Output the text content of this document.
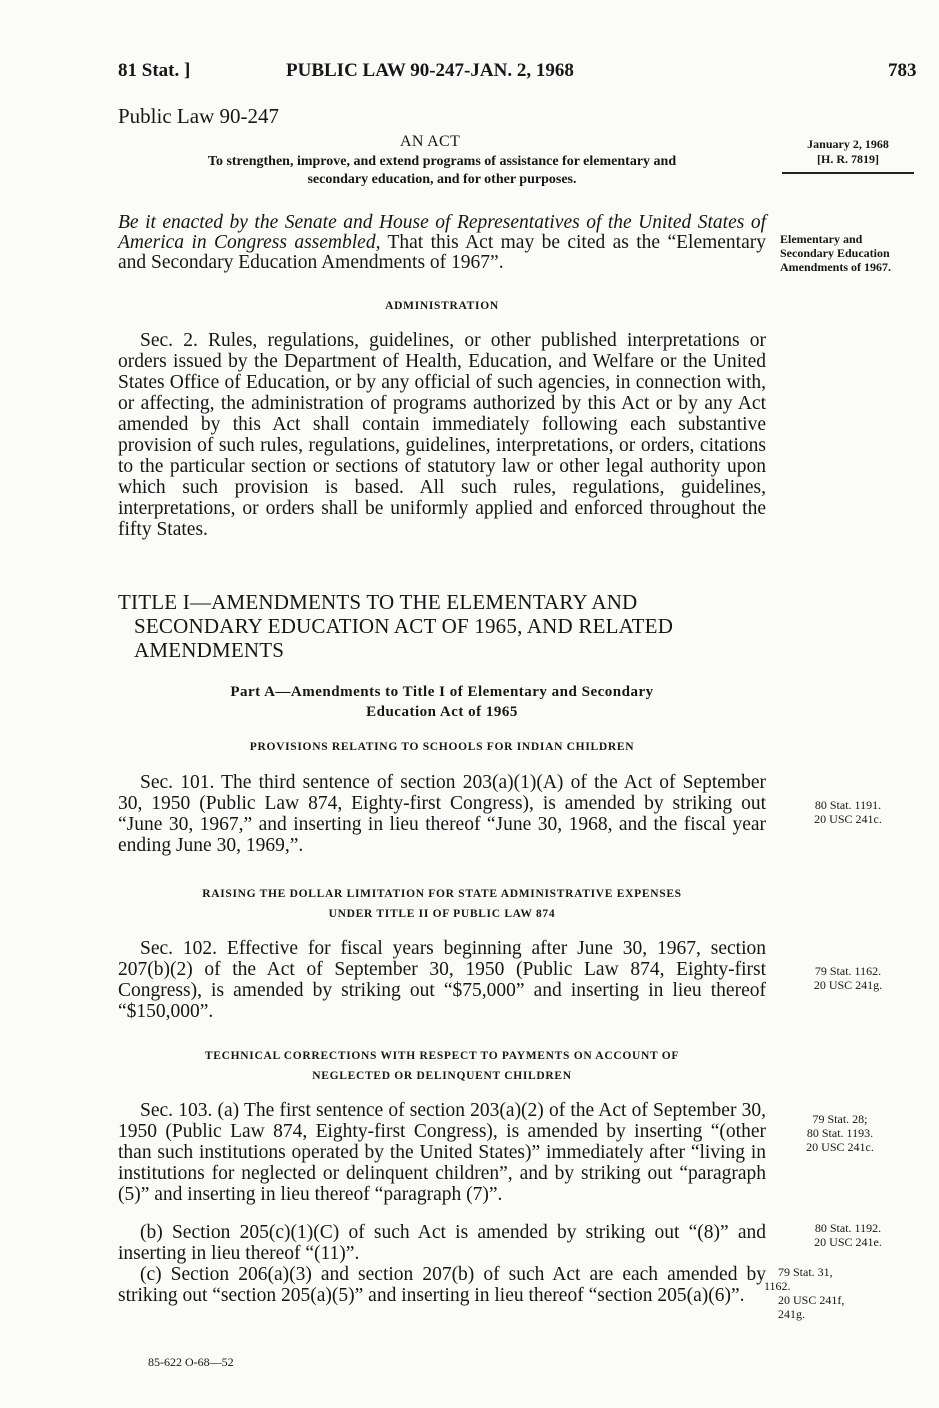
81 Stat. ]	PUBLIC LAW 90-247-JAN. 2, 1968	783
Public Law 90-247
AN ACT
To strengthen, improve, and extend programs of assistance for elementary and
secondary education, and for other purposes.
January 2, 1968
[H. R. 7819]
Be it enacted by the Senate and House of Representatives of the United States of America in Congress assembled, That this Act may be cited as the “Elementary and Secondary Education Amendments of 1967”.
Elementary and Secondary Education Amendments of 1967.
ADMINISTRATION

Sec. 2. Rules, regulations, guidelines, or other published interpretations or orders issued by the Department of Health, Education, and Welfare or the United States Office of Education, or by any official of such agencies, in connection with, or affecting, the administration of programs authorized by this Act or by any Act amended by this Act shall contain immediately following each substantive provision of such rules, regulations, guidelines, interpretations, or orders, citations to the particular section or sections of statutory law or other legal authority upon which such provision is based. All such rules, regulations, guidelines, interpretations, or orders shall be uniformly applied and enforced throughout the fifty States.

TITLE I—AMENDMENTS TO THE ELEMENTARY AND
SECONDARY EDUCATION ACT OF 1965, AND RELATED
AMENDMENTS
Part A—Amendments to Title I of Elementary and Secondary
Education Act of 1965
PROVISIONS RELATING TO SCHOOLS FOR INDIAN CHILDREN

Sec. 101. The third sentence of section 203(a)(1)(A) of the Act of September 30, 1950 (Public Law 874, Eighty-first Congress), is amended by striking out “June 30, 1967,” and inserting in lieu thereof “June 30, 1968, and the fiscal year ending June 30, 1969,”.

80 Stat. 1191.
20 USC 241c.
RAISING THE DOLLAR LIMITATION FOR STATE ADMINISTRATIVE EXPENSES
UNDER TITLE II OF PUBLIC LAW 874

Sec. 102. Effective for fiscal years beginning after June 30, 1967, section 207(b)(2) of the Act of September 30, 1950 (Public Law 874, Eighty-first Congress), is amended by striking out “$75,000” and inserting in lieu thereof “$150,000”.

79 Stat. 1162.
20 USC 241g.
TECHNICAL CORRECTIONS WITH RESPECT TO PAYMENTS ON ACCOUNT OF
NEGLECTED OR DELINQUENT CHILDREN

Sec. 103. (a) The first sentence of section 203(a)(2) of the Act of September 30, 1950 (Public Law 874, Eighty-first Congress), is amended by inserting “(other than such institutions operated by the United States)” immediately after “living in institutions for neglected or delinquent children”, and by striking out “paragraph (5)” and inserting in lieu thereof “paragraph (7)”.

79 Stat. 28;
80 Stat. 1193.
20 USC 241c.

(b) Section 205(c)(1)(C) of such Act is amended by striking out “(8)” and inserting in lieu thereof “(11)”.

80 Stat. 1192.
20 USC 241e.

(c) Section 206(a)(3) and section 207(b) of such Act are each amended by striking out “section 205(a)(5)” and inserting in lieu thereof “section 205(a)(6)”.

79 Stat. 31,
1162.
20 USC 241f,
241g.
85-622 O-68—52
